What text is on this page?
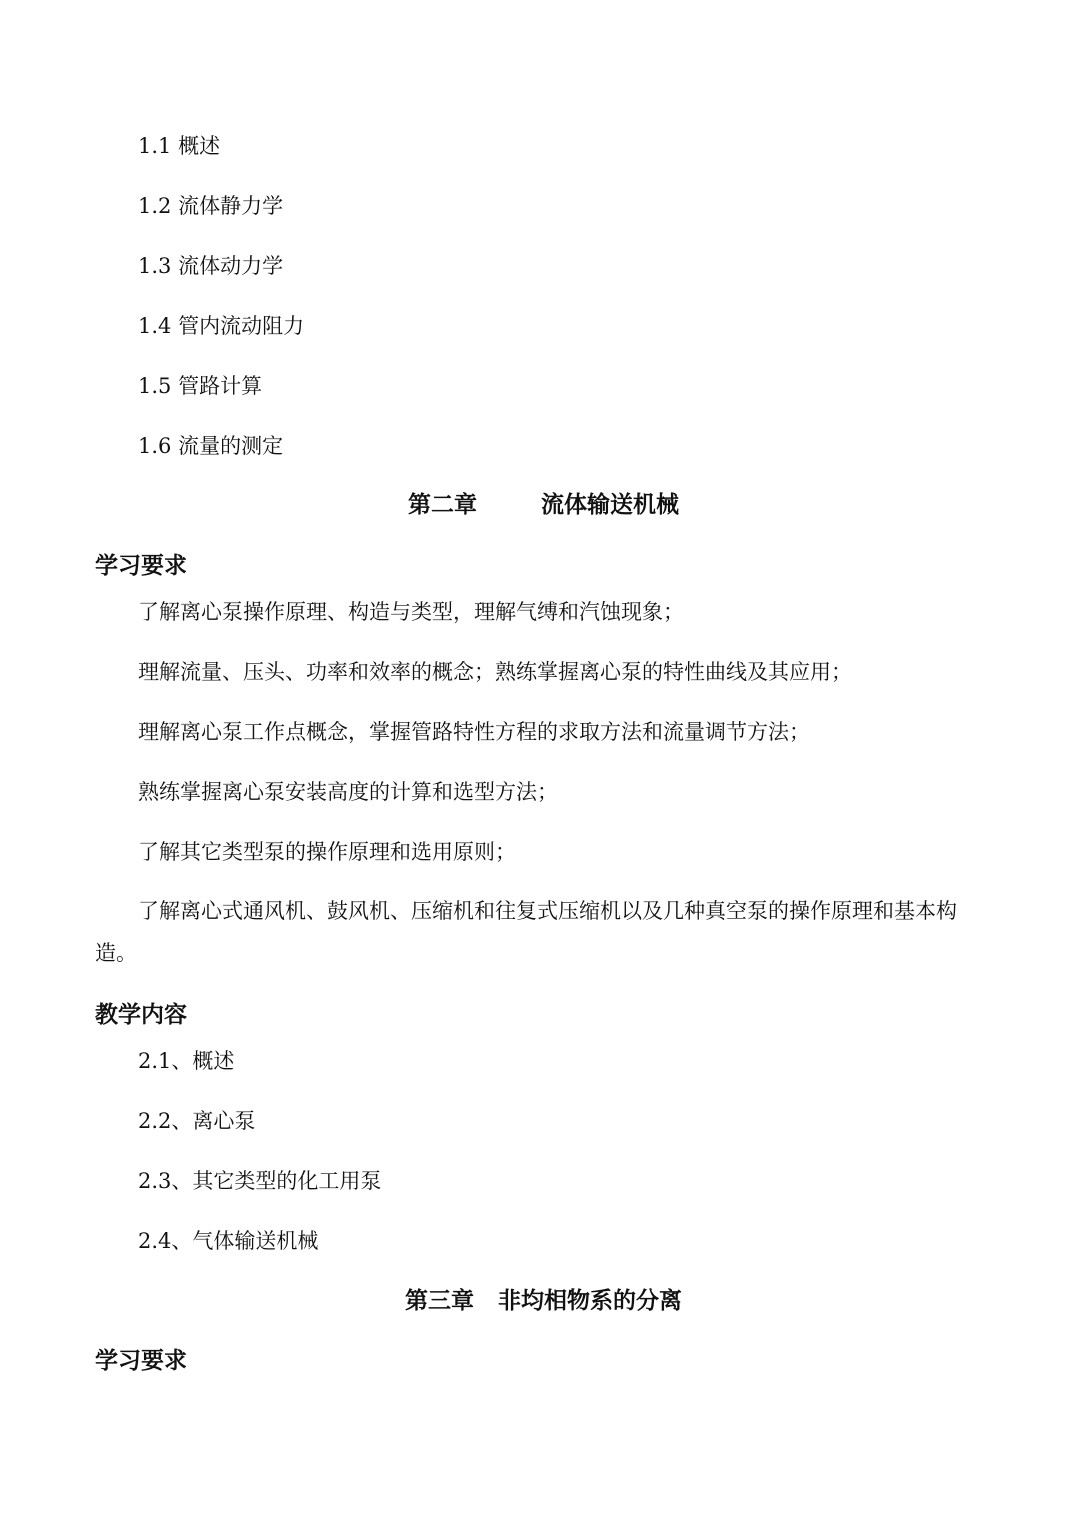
1.1 概述
1.2 流体静力学
1.3 流体动力学
1.4 管内流动阻力
1.5 管路计算
1.6 流量的测定
第二章        流体输送机械
学习要求
了解离心泵操作原理、构造与类型，理解气缚和汽蚀现象；
理解流量、压头、功率和效率的概念；熟练掌握离心泵的特性曲线及其应用；
理解离心泵工作点概念，掌握管路特性方程的求取方法和流量调节方法；
熟练掌握离心泵安装高度的计算和选型方法；
了解其它类型泵的操作原理和选用原则；
了解离心式通风机、鼓风机、压缩机和往复式压缩机以及几种真空泵的操作原理和基本构造。
教学内容
2.1、概述
2.2、离心泵
2.3、其它类型的化工用泵
2.4、气体输送机械
第三章   非均相物系的分离
学习要求
